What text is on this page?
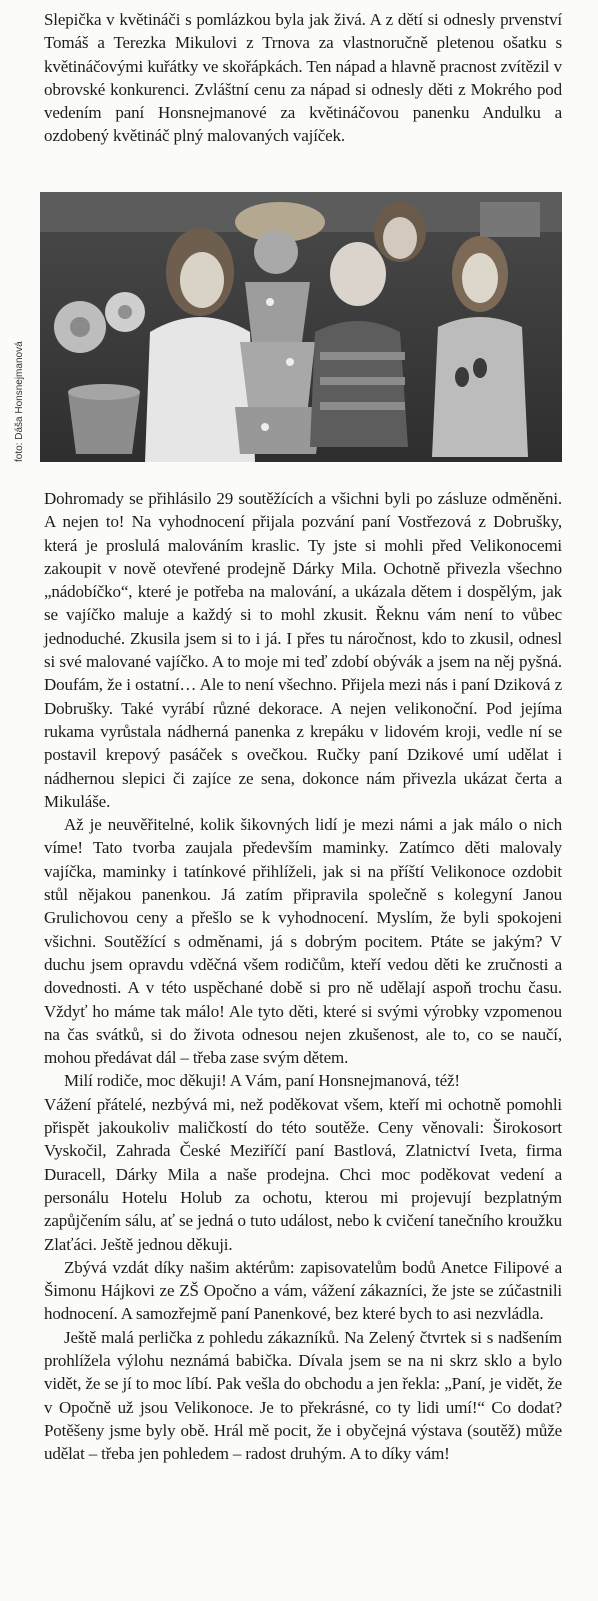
Slepička v květináči s pomlázkou byla jak živá. A z dětí si odnesly prvenství Tomáš a Terezka Mikulovi z Trnova za vlastnoručně pletenou ošatku s květináčovými kuřátky ve skořápkách. Ten nápad a hlavně pracnost zvítězil v obrovské konkurenci. Zvláštní cenu za nápad si odnesly děti z Mokrého pod vedením paní Honsnejmanové za květináčovou panenku Andulku a ozdobený květináč plný malovaných vajíček.

foto: Dáša Honsnejmanová

Dohromady se přihlásilo 29 soutěžících a všichni byli po zásluze odměněni. A nejen to! Na vyhodnocení přijala pozvání paní Vostřezová z Dobrušky, která je proslulá malováním kraslic. Ty jste si mohli před Velikonocemi zakoupit v nově otevřené prodejně Dárky Mila. Ochotně přivezla všechno „nádobíčko“, které je potřeba na malování, a ukázala dětem i dospělým, jak se vajíčko maluje a každý si to mohl zkusit. Řeknu vám není to vůbec jednoduché. Zkusila jsem si to i já. I přes tu náročnost, kdo to zkusil, odnesl si své malované vajíčko. A to moje mi teď zdobí obývák a jsem na něj pyšná. Doufám, že i ostatní… Ale to není všechno. Přijela mezi nás i paní Dziková z Dobrušky. Také vyrábí různé dekorace. A nejen velikonoční. Pod jejíma rukama vyrůstala nádherná panenka z krepáku v lidovém kroji, vedle ní se postavil krepový pasáček s ovečkou. Ručky paní Dzikové umí udělat i nádhernou slepici či zajíce ze sena, dokonce nám přivezla ukázat čerta a Mikuláše.

Až je neuvěřitelné, kolik šikovných lidí je mezi námi a jak málo o nich víme! Tato tvorba zaujala především maminky. Zatímco děti malovaly vajíčka, maminky i tatínkové přihlíželi, jak si na příští Velikonoce ozdobit stůl nějakou panenkou. Já zatím připravila společně s kolegyní Janou Grulichovou ceny a přešlo se k vyhodnocení. Myslím, že byli spokojeni všichni. Soutěžící s odměnami, já s dobrým pocitem. Ptáte se jakým? V duchu jsem opravdu vděčná všem rodičům, kteří vedou děti ke zručnosti a dovednosti. A v této uspěchané době si pro ně udělají aspoň trochu času. Vždyť ho máme tak málo! Ale tyto děti, které si svými výrobky vzpomenou na čas svátků, si do života odnesou nejen zkušenost, ale to, co se naučí, mohou předávat dál – třeba zase svým dětem.

Milí rodiče, moc děkuji! A Vám, paní Honsnejmanová, též!

Vážení přátelé, nezbývá mi, než poděkovat všem, kteří mi ochotně pomohli přispět jakoukoliv maličkostí do této soutěže. Ceny věnovali: Širokosort Vyskočil, Zahrada České Meziříčí paní Bastlová, Zlatnictví Iveta, firma Duracell, Dárky Mila a naše prodejna. Chci moc poděkovat vedení a personálu Hotelu Holub za ochotu, kterou mi projevují bezplatným zapůjčením sálu, ať se jedná o tuto událost, nebo k cvičení tanečního kroužku Zlaťáci. Ještě jednou děkuji.

Zbývá vzdát díky našim aktérům: zapisovatelům bodů Anetce Filipové a Šimonu Hájkovi ze ZŠ Opočno a vám, vážení zákazníci, že jste se zúčastnili hodnocení. A samozřejmě paní Panenkové, bez které bych to asi nezvládla.

Ještě malá perlička z pohledu zákazníků. Na Zelený čtvrtek si s nadšením prohlížela výlohu neznámá babička. Dívala jsem se na ni skrz sklo a bylo vidět, že se jí to moc líbí. Pak vešla do obchodu a jen řekla: „Paní, je vidět, že v Opočně už jsou Velikonoce. Je to překrásné, co ty lidi umí!“ Co dodat? Potěšeny jsme byly obě. Hrál mě pocit, že i obyčejná výstava (soutěž) může udělat – třeba jen pohledem – radost druhým. A to díky vám!
